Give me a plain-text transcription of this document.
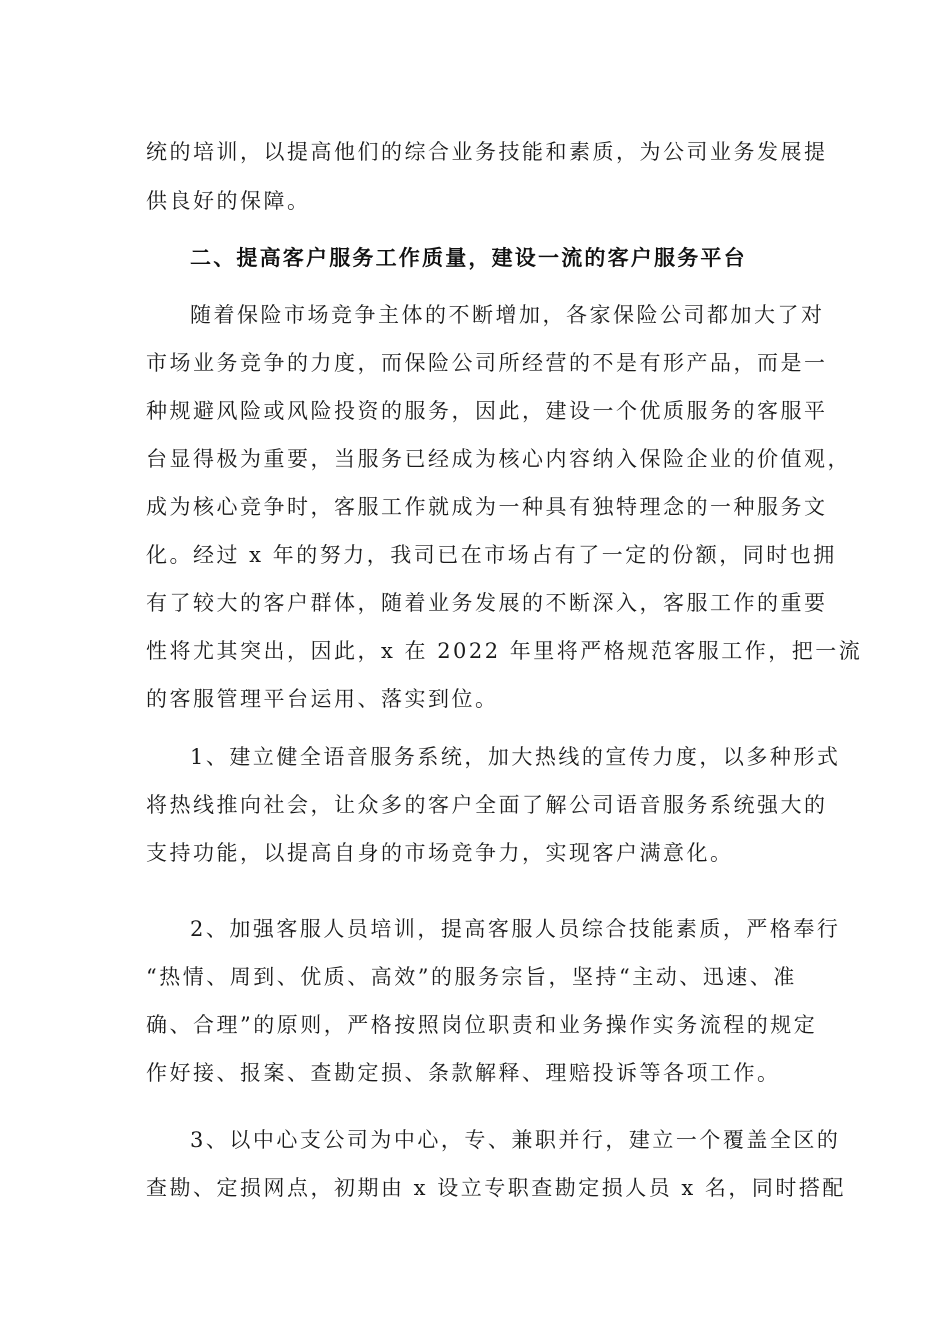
统的培训，以提高他们的综合业务技能和素质，为公司业务发展提
供良好的保障。
二、提高客户服务工作质量，建设一流的客户服务平台
随着保险市场竞争主体的不断增加，各家保险公司都加大了对
市场业务竞争的力度，而保险公司所经营的不是有形产品，而是一
种规避风险或风险投资的服务，因此，建设一个优质服务的客服平
台显得极为重要，当服务已经成为核心内容纳入保险企业的价值观，
成为核心竞争时，客服工作就成为一种具有独特理念的一种服务文
化。经过 x 年的努力，我司已在市场占有了一定的份额，同时也拥
有了较大的客户群体，随着业务发展的不断深入，客服工作的重要
性将尤其突出，因此，x 在 2022 年里将严格规范客服工作，把一流
的客服管理平台运用、落实到位。
1、建立健全语音服务系统，加大热线的宣传力度，以多种形式
将热线推向社会，让众多的客户全面了解公司语音服务系统强大的
支持功能，以提高自身的市场竞争力，实现客户满意化。
2、加强客服人员培训，提高客服人员综合技能素质，严格奉行
“热情、周到、优质、高效”的服务宗旨，坚持“主动、迅速、准
确、合理”的原则，严格按照岗位职责和业务操作实务流程的规定
作好接、报案、查勘定损、条款解释、理赔投诉等各项工作。
3、以中心支公司为中心，专、兼职并行，建立一个覆盖全区的
查勘、定损网点，初期由 x 设立专职查勘定损人员 x 名，同时搭配
